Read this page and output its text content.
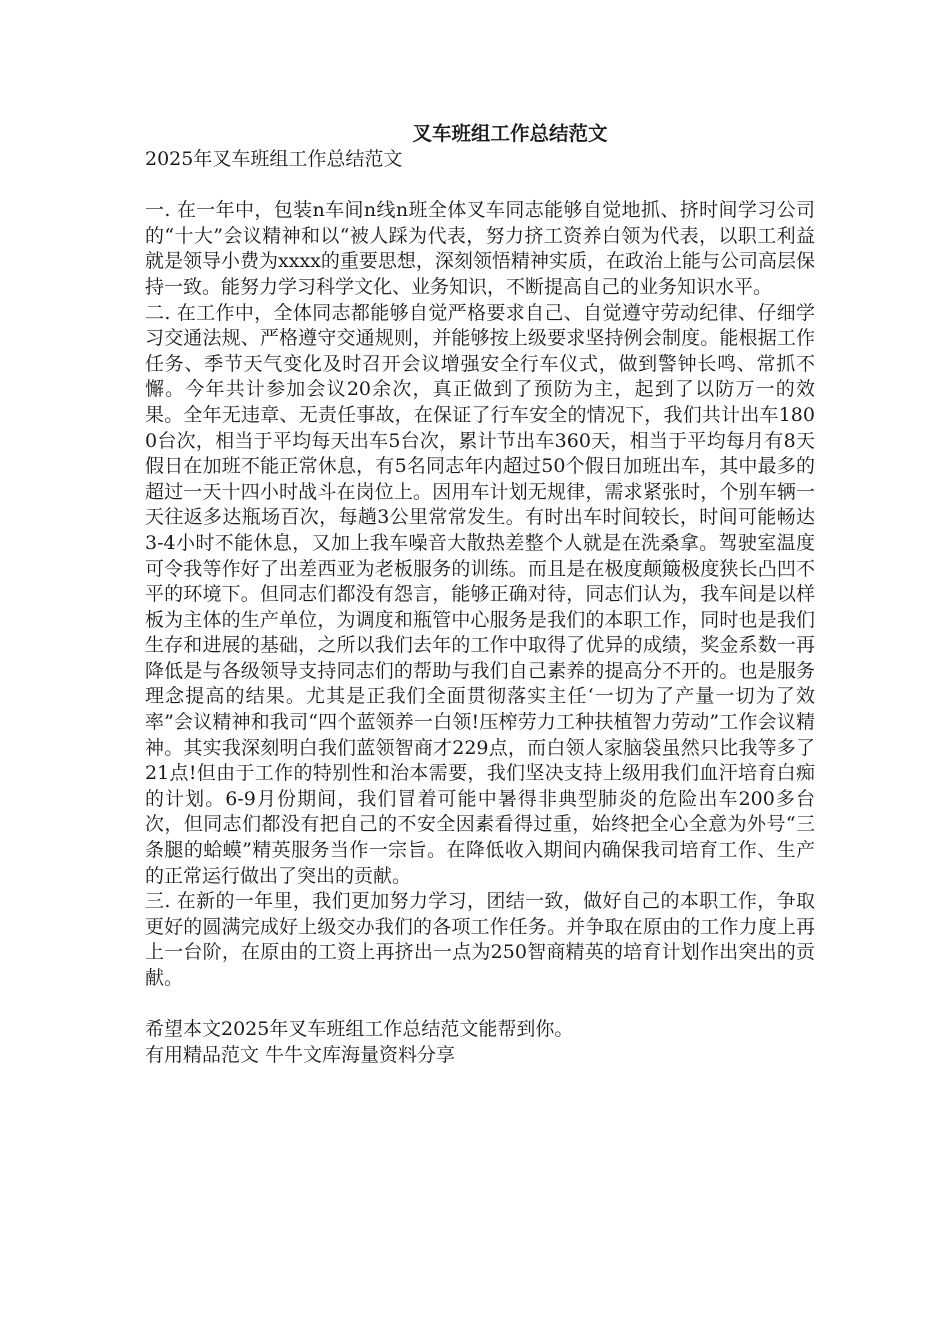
叉车班组工作总结范文

2025年叉车班组工作总结范文

一. 在一年中，包装n车间n线n班全体叉车同志能够自觉地抓、挤时间学习公司的“十大”会议精神和以“被人踩为代表，努力挤工资养白领为代表，以职工利益就是领导小费为xxxx的重要思想，深刻领悟精神实质，在政治上能与公司高层保持一致。能努力学习科学文化、业务知识，不断提高自己的业务知识水平。

二. 在工作中，全体同志都能够自觉严格要求自己、自觉遵守劳动纪律、仔细学习交通法规、严格遵守交通规则，并能够按上级要求坚持例会制度。能根据工作任务、季节天气变化及时召开会议增强安全行车仪式，做到警钟长鸣、常抓不懈。今年共计参加会议20余次，真正做到了预防为主，起到了以防万一的效果。全年无违章、无责任事故，在保证了行车安全的情况下，我们共计出车1800台次，相当于平均每天出车5台次，累计节出车360天，相当于平均每月有8天假日在加班不能正常休息，有5名同志年内超过50个假日加班出车，其中最多的超过一天十四小时战斗在岗位上。因用车计划无规律，需求紧张时，个别车辆一天往返多达瓶场百次，每趟3公里常常发生。有时出车时间较长，时间可能畅达3-4小时不能休息，又加上我车噪音大散热差整个人就是在洗桑拿。驾驶室温度可令我等作好了出差西亚为老板服务的训练。而且是在极度颠簸极度狭长凸凹不平的环境下。但同志们都没有怨言，能够正确对待，同志们认为，我车间是以样板为主体的生产单位，为调度和瓶管中心服务是我们的本职工作，同时也是我们生存和进展的基础，之所以我们去年的工作中取得了优异的成绩，奖金系数一再降低是与各级领导支持同志们的帮助与我们自己素养的提高分不开的。也是服务理念提高的结果。尤其是正我们全面贯彻落实主任‘一切为了产量一切为了效率”会议精神和我司“四个蓝领养一白领!压榨劳力工种扶植智力劳动”工作会议精神。其实我深刻明白我们蓝领智商才229点，而白领人家脑袋虽然只比我等多了21点!但由于工作的特别性和治本需要，我们坚决支持上级用我们血汗培育白痴的计划。6-9月份期间，我们冒着可能中暑得非典型肺炎的危险出车200多台次，但同志们都没有把自己的不安全因素看得过重，始终把全心全意为外号“三条腿的蛤蟆”精英服务当作一宗旨。在降低收入期间内确保我司培育工作、生产的正常运行做出了突出的贡献。

三. 在新的一年里，我们更加努力学习，团结一致，做好自己的本职工作，争取更好的圆满完成好上级交办我们的各项工作任务。并争取在原由的工作力度上再上一台阶，在原由的工资上再挤出一点为250智商精英的培育计划作出突出的贡献。

希望本文2025年叉车班组工作总结范文能帮到你。

有用精品范文 牛牛文库海量资料分享
